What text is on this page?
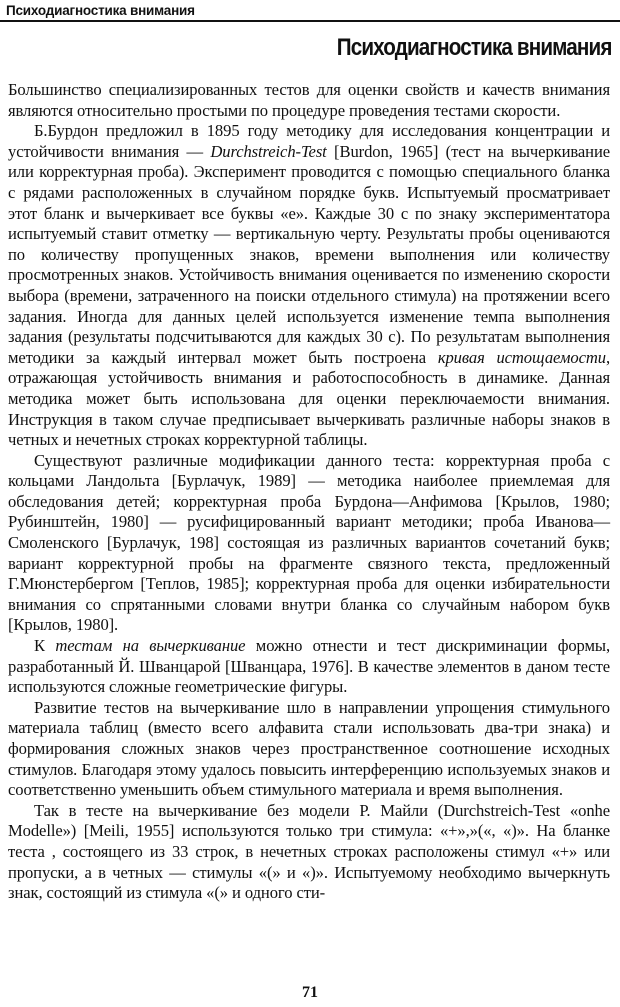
Психодиагностика внимания
Психодиагностика внимания

Большинство специализированных тестов для оценки свойств и качеств внимания являются относительно простыми по процедуре проведения тестами скорости.

Б.Бурдон предложил в 1895 году методику для исследования концентрации и устойчивости внимания — Durchstreich-Test [Burdon, 1965] (тест на вычеркивание или корректурная проба). Эксперимент проводится с помощью специального бланка с рядами расположенных в случайном порядке букв. Испытуемый просматривает этот бланк и вычеркивает все буквы «е». Каждые 30 с по знаку экспериментатора испытуемый ставит отметку — вертикальную черту. Результаты пробы оцениваются по количеству пропущенных знаков, времени выполнения или количеству просмотренных знаков. Устойчивость внимания оценивается по изменению скорости выбора (времени, затраченного на поиски отдельного стимула) на протяжении всего задания. Иногда для данных целей используется изменение темпа выполнения задания (результаты подсчитываются для каждых 30 с). По результатам выполнения методики за каждый интервал может быть построена кривая истощаемости, отражающая устойчивость внимания и работоспособность в динамике. Данная методика может быть использована для оценки переключаемости внимания. Инструкция в таком случае предписывает вычеркивать различные наборы знаков в четных и нечетных строках корректурной таблицы.

Существуют различные модификации данного теста: корректурная проба с кольцами Ландольта [Бурлачук, 1989] — методика наиболее приемлемая для обследования детей; корректурная проба Бурдона—Анфимова [Крылов, 1980; Рубинштейн, 1980] — русифицированный вариант методики; проба Иванова—Смоленского [Бурлачук, 198] состоящая из различных вариантов сочетаний букв; вариант корректурной пробы на фрагменте связного текста, предложенный Г.Мюнстербергом [Теплов, 1985]; корректурная проба для оценки избирательности внимания со спрятанными словами внутри бланка со случайным набором букв [Крылов, 1980].

К тестам на вычеркивание можно отнести и тест дискриминации формы, разработанный Й. Шванцарой [Шванцара, 1976]. В качестве элементов в даном тесте используются сложные геометрические фигуры.

Развитие тестов на вычеркивание шло в направлении упрощения стимульного материала таблиц (вместо всего алфавита стали использовать двa-три знака) и формирования сложных знаков через пространственное соотношение исходных стимулов. Благодаря этому удалось повысить интерференцию используемых знаков и соответственно уменьшить объем стимульного материала и время выполнения.

Так в тесте на вычеркивание без модели Р. Майли (Durchstreich-Test «onhe Modelle») [Meili, 1955] используются только три стимула: «+»,»(«, «)». На бланке теста , состоящего из 33 строк, в нечетных строках расположены стимул «+» или пропуски, а в четных — стимулы «(» и «)». Испытуемому необходимо вычеркнуть знак, состоящий из стимула «(» и одного сти-

71
